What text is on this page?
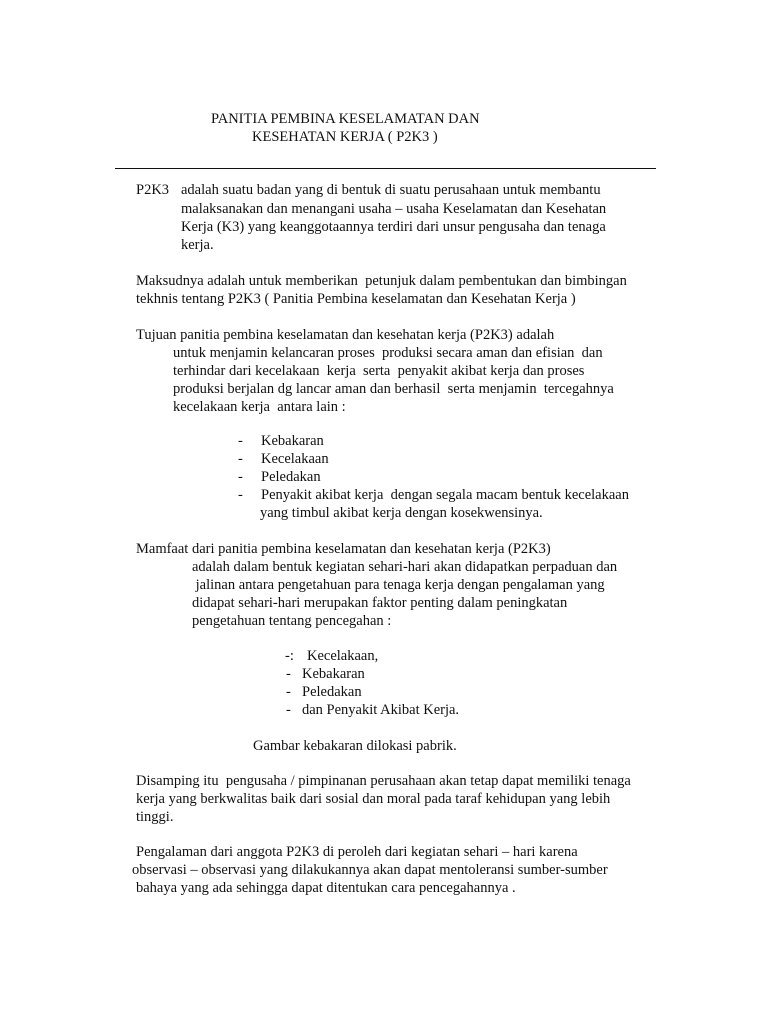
PANITIA PEMBINA KESELAMATAN DAN
KESEHATAN KERJA ( P2K3 )
P2K3 adalah suatu badan yang di bentuk di suatu perusahaan untuk membantu
malaksanakan dan menangani usaha – usaha Keselamatan dan Kesehatan
Kerja (K3) yang keanggotaannya terdiri dari unsur pengusaha dan tenaga
kerja.
Maksudnya adalah untuk memberikan  petunjuk dalam pembentukan dan bimbingan
tekhnis tentang P2K3 ( Panitia Pembina keselamatan dan Kesehatan Kerja )
Tujuan panitia pembina keselamatan dan kesehatan kerja (P2K3) adalah
untuk menjamin kelancaran proses  produksi secara aman dan efisian  dan
terhindar dari kecelakaan  kerja  serta  penyakit akibat kerja dan proses
produksi berjalan dg lancar aman dan berhasil  serta menjamin  tercegahnya
kecelakaan kerja  antara lain :
- Kebakaran
- Kecelakaan
- Peledakan
- Penyakit akibat kerja  dengan segala macam bentuk kecelakaan
yang timbul akibat kerja dengan kosekwensinya.
Mamfaat dari panitia pembina keselamatan dan kesehatan kerja (P2K3)
adalah dalam bentuk kegiatan sehari-hari akan didapatkan perpaduan dan
jalinan antara pengetahuan para tenaga kerja dengan pengalaman yang
didapat sehari-hari merupakan faktor penting dalam peningkatan
pengetahuan tentang pencegahan :
-: Kecelakaan,
- Kebakaran
- Peledakan
- dan Penyakit Akibat Kerja.
Gambar kebakaran dilokasi pabrik.
Disamping itu  pengusaha / pimpinanan perusahaan akan tetap dapat memiliki tenaga
kerja yang berkwalitas baik dari sosial dan moral pada taraf kehidupan yang lebih
tinggi.
Pengalaman dari anggota P2K3 di peroleh dari kegiatan sehari – hari karena
observasi – observasi yang dilakukannya akan dapat mentoleransi sumber-sumber
bahaya yang ada sehingga dapat ditentukan cara pencegahannya .
